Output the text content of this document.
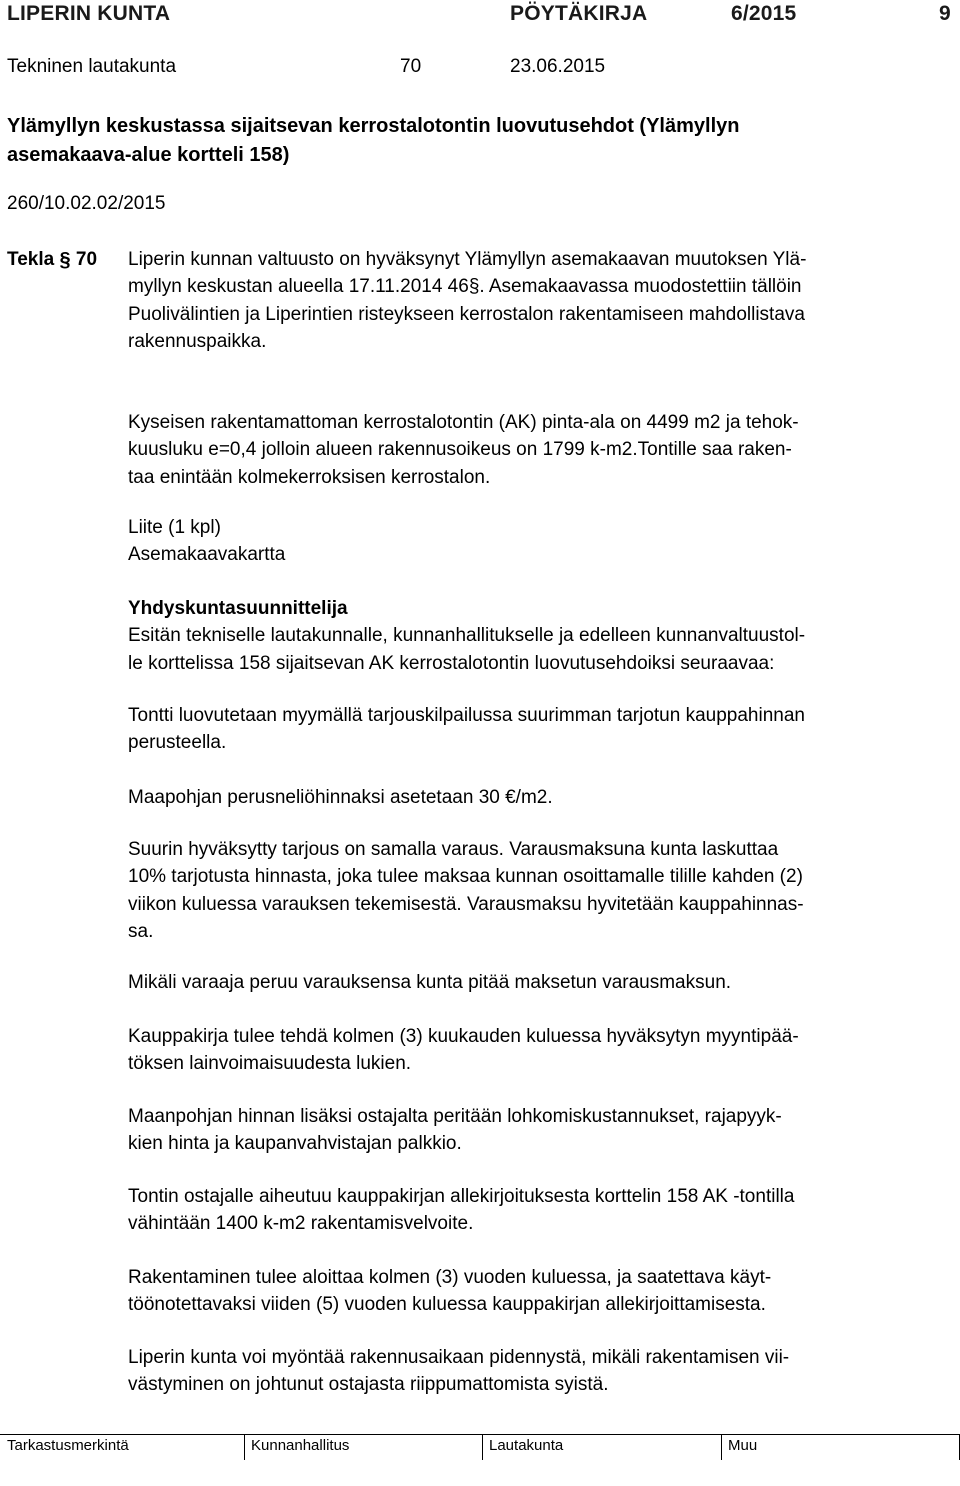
LIPERIN KUNTA	PÖYTÄKIRJA	6/2015	9
Tekninen lautakunta	70	23.06.2015
Ylämyllyn keskustassa sijaitsevan kerrostalotontin luovutusehdot (Ylämyllyn
asemakaava-alue kortteli 158)
260/10.02.02/2015
Tekla § 70 Liperin kunnan valtuusto on hyväksynyt Ylämyllyn asemakaavan muutoksen Ylä-
myllyn keskustan alueella 17.11.2014 46§. Asemakaavassa muodostettiin tällöin
Puolivälintien ja Liperintien risteykseen kerrostalon rakentamiseen mahdollistava
rakennuspaikka.
Kyseisen rakentamattoman kerrostalotontin (AK) pinta-ala on 4499 m2 ja tehok-
kuusluku e=0,4 jolloin alueen rakennusoikeus on 1799 k-m2.Tontille saa raken-
taa enintään kolmekerroksisen kerrostalon.
Liite (1 kpl)
Asemakaavakartta
Yhdyskuntasuunnittelija
Esitän tekniselle lautakunnalle, kunnanhallitukselle ja edelleen kunnanvaltuustol-
le korttelissa 158 sijaitsevan AK kerrostalotontin luovutusehdoiksi seuraavaa:
Tontti luovutetaan myymällä tarjouskilpailussa suurimman tarjotun kauppahinnan
perusteella.
Maapohjan perusneliöhinnaksi asetetaan 30 €/m2.
Suurin hyväksytty tarjous on samalla varaus. Varausmaksuna kunta laskuttaa
10% tarjotusta hinnasta, joka tulee maksaa kunnan osoittamalle tilille kahden (2)
viikon kuluessa varauksen tekemisestä. Varausmaksu hyvitetään kauppahinnas-
sa.
Mikäli varaaja peruu varauksensa kunta pitää maksetun varausmaksun.
Kauppakirja tulee tehdä kolmen (3) kuukauden kuluessa hyväksytyn myyntipää-
töksen lainvoimaisuudesta lukien.
Maanpohjan hinnan lisäksi ostajalta peritään lohkomiskustannukset, rajapyyk-
kien hinta ja kaupanvahvistajan palkkio.
Tontin ostajalle aiheutuu kauppakirjan allekirjoituksesta korttelin 158 AK -tontilla
vähintään 1400 k-m2 rakentamisvelvoite.
Rakentaminen tulee aloittaa kolmen (3) vuoden kuluessa, ja saatettava käyt-
töönotettavaksi viiden (5) vuoden kuluessa kauppakirjan allekirjoittamisesta.
Liperin kunta voi myöntää rakennusaikaan pidennystä, mikäli rakentamisen vii-
västyminen on johtunut ostajasta riippumattomista syistä.
Tarkastusmerkintä	Kunnanhallitus	Lautakunta	Muu
